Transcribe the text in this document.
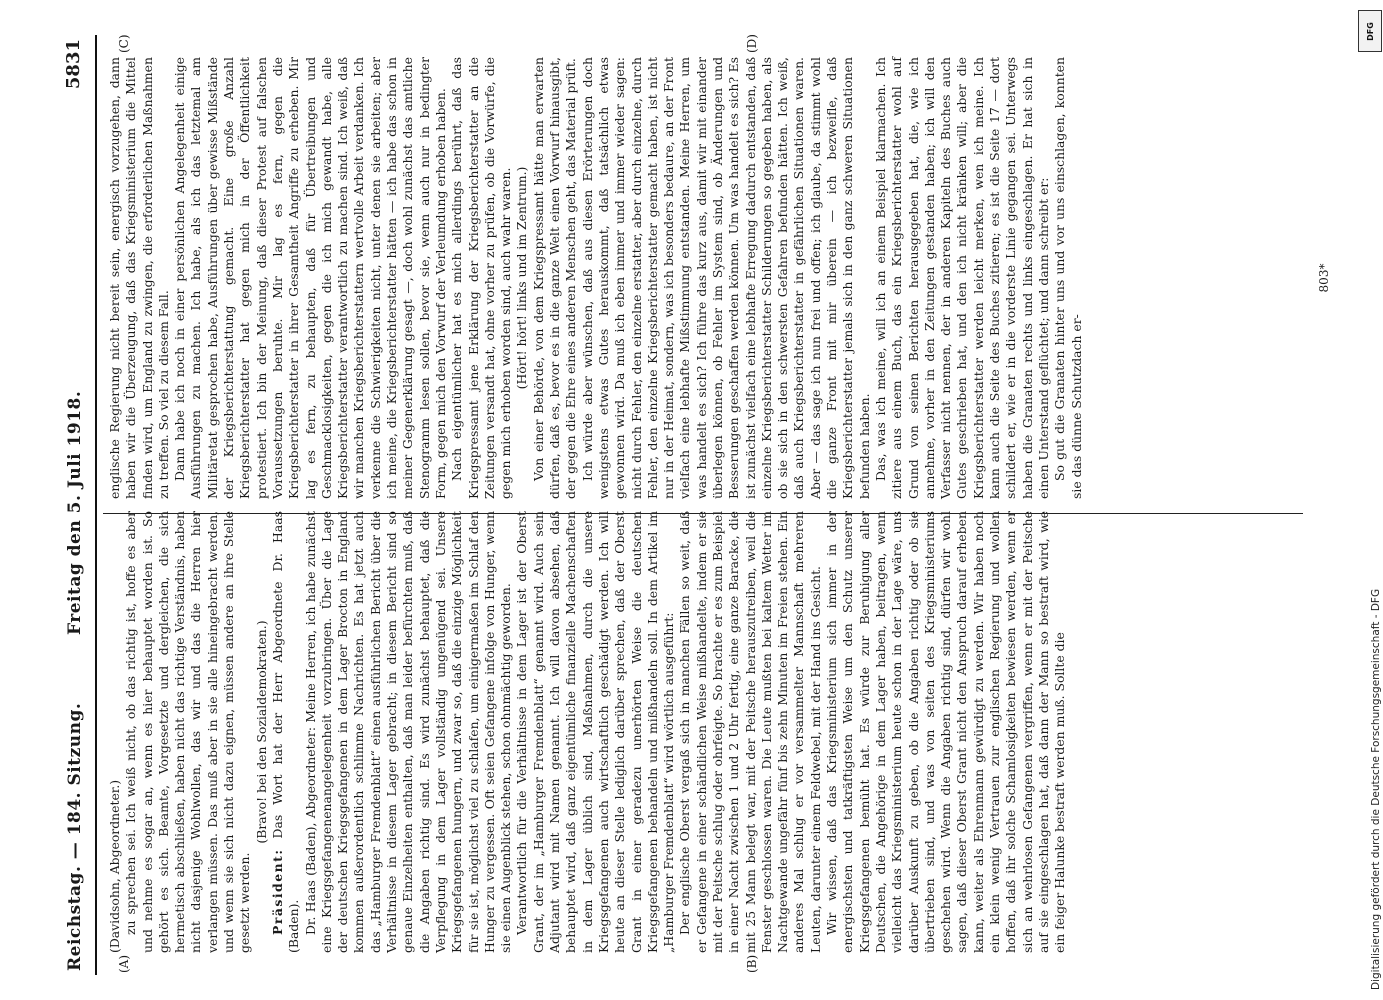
Reichstag. — 184. Sitzung.
Freitag den 5. Juli 1918.
5831
(A)	(B)
(C)	(D)

(Davidsohn, Abgeordneter.) zu sprechen sei. Ich weiß nicht, ob das richtig ist, hoffe es aber und nehme es sogar an, wenn es hier behauptet worden ist. So gehört es sich. Beamte, Vorgesetzte und dergleichen, die sich hermetisch abschließen, haben nicht das richtige Verständnis, haben nicht dasjenige Wohlwollen, das wir und das die Herren hier verlangen müssen. Das muß aber in sie alle hineingebracht werden, und wenn sie sich nicht dazu eignen, müssen andere an ihre Stelle gesetzt werden.

(Bravo! bei den Sozialdemokraten.)

Präsident: Das Wort hat der Herr Abgeordnete Dr. Haas (Baden). Dr. Haas (Baden), Abgeordneter: Meine Herren, ich habe zunächst eine Kriegsgefangenenangelegenheit vorzubringen. Über die Lage der deutschen Kriegsgefangenen in dem Lager Brocton in England kommen außerordentlich schlimme Nachrichten. Es hat jetzt auch das „Hamburger Fremdenblatt“ einen ausführlichen Bericht über die Verhältnisse in diesem Lager gebracht; in diesem Bericht sind so genaue Einzelheiten enthalten, daß man leider befürchten muß, daß die Angaben richtig sind. Es wird zunächst behauptet, daß die Verpflegung in dem Lager vollständig ungenügend sei. Unsere Kriegsgefangenen hungern, und zwar so, daß die einzige Möglichkeit für sie ist, möglichst viel zu schlafen, um einigermaßen im Schlaf den Hunger zu vergessen. Oft seien Gefangene infolge von Hunger, wenn sie einen Augenblick stehen, schon ohnmächtig geworden. Verantwortlich für die Verhältnisse in dem Lager ist der Oberst Grant, der im „Hamburger Fremdenblatt“ genannt wird. Auch sein Adjutant wird mit Namen genannt. Ich will davon absehen, daß behauptet wird, daß ganz eigentümliche finanzielle Machenschaften in dem Lager üblich sind, Maßnahmen, durch die unsere Kriegsgefangenen auch wirtschaftlich geschädigt werden. Ich will heute an dieser Stelle lediglich darüber sprechen, daß der Oberst Grant in einer geradezu unerhörten Weise die deutschen Kriegsgefangenen behandeln und mißhandeln soll. In dem Artikel im „Hamburger Fremdenblatt“ wird wörtlich ausgeführt: Der englische Oberst vergaß sich in manchen Fällen so weit, daß er Gefangene in einer schändlichen Weise mißhandelte, indem er sie mit der Peitsche schlug oder ohrfeigte. So brachte er es zum Beispiel in einer Nacht zwischen 1 und 2 Uhr fertig, eine ganze Baracke, die mit 25 Mann belegt war, mit der Peitsche herauszutreiben, weil die Fenster geschlossen waren. Die Leute mußten bei kaltem Wetter im Nachtgewande ungefähr fünf bis zehn Minuten im Freien stehen. Ein anderes Mal schlug er vor versammelter Mannschaft mehreren Leuten, darunter einem Feldwebel, mit der Hand ins Gesicht. Wir wissen, daß das Kriegsministerium sich immer in der energischsten und tatkräftigsten Weise um den Schutz unserer Kriegsgefangenen bemüht hat. Es würde zur Beruhigung aller Deutschen, die Angehörige in dem Lager haben, beitragen, wenn vielleicht das Kriegsministerium heute schon in der Lage wäre, uns darüber Auskunft zu geben, ob die Angaben richtig oder ob sie übertrieben sind, und was von seiten des Kriegsministeriums geschehen wird. Wenn die Angaben richtig sind, dürfen wir wohl sagen, daß dieser Oberst Grant nicht den Anspruch darauf erheben kann, weiter als Ehrenmann gewürdigt zu werden. Wir haben noch ein klein wenig Vertrauen zur englischen Regierung und wollen hoffen, daß ihr solche Schamlosigkeiten bewiesen werden, wenn er sich an wehrlosen Gefangenen vergriffen, wenn er mit der Peitsche auf sie eingeschlagen hat, daß dann der Mann so bestraft wird, wie ein feiger Halunke bestraft werden muß. Sollte die

englische Regierung nicht bereit sein, energisch vorzugehen, dann haben wir die Überzeugung, daß das Kriegsministerium die Mittel finden wird, um England zu zwingen, die erforderlichen Maßnahmen zu treffen. So viel zu diesem Fall. Dann habe ich noch in einer persönlichen Angelegenheit einige Ausführungen zu machen. Ich habe, als ich das letztemal am Militäretat gesprochen habe, Ausführungen über gewisse Mißstände der Kriegsberichterstattung gemacht. Eine große Anzahl Kriegsberichterstatter hat gegen mich in der Öffentlichkeit protestiert. Ich bin der Meinung, daß dieser Protest auf falschen Voraussetzungen beruhte. Mir lag es fern, gegen die Kriegsberichterstatter in ihrer Gesamtheit Angriffe zu erheben. Mir lag es fern, zu behaupten, daß für Übertreibungen und Geschmacklosigkeiten, gegen die ich mich gewandt habe, alle Kriegsberichterstatter verantwortlich zu machen sind. Ich weiß, daß wir manchen Kriegsberichterstattern wertvolle Arbeit verdanken. Ich verkenne die Schwierigkeiten nicht, unter denen sie arbeiten; aber ich meine, die Kriegsberichterstatter hätten — ich habe das schon in meiner Gegenerklärung gesagt —, doch wohl zunächst das amtliche Stenogramm lesen sollen, bevor sie, wenn auch nur in bedingter Form, gegen mich den Vorwurf der Verleumdung erhoben haben. Nach eigentümlicher hat es mich allerdings berührt, daß das Kriegspressamt jene Erklärung der Kriegsberichterstatter an die Zeitungen versandt hat, ohne vorher zu prüfen, ob die Vorwürfe, die gegen mich erhoben worden sind, auch wahr waren. (Hört! hört! links und im Zentrum.) Von einer Behörde, von dem Kriegspressamt hätte man erwarten dürfen, daß es, bevor es in die ganze Welt einen Vorwurf hinausgibt, der gegen die Ehre eines anderen Menschen geht, das Material prüft. Ich würde aber wünschen, daß aus diesen Erörterungen doch wenigstens etwas Gutes herauskommt, daß tatsächlich etwas gewonnen wird. Da muß ich eben immer und immer wieder sagen: nicht durch Fehler, den einzelne erstatter, aber durch einzelne, durch Fehler, den einzelne Kriegsberichterstatter gemacht haben, ist nicht nur in der Heimat, sondern, was ich besonders bedaure, an der Front vielfach eine lebhafte Mißstimmung entstanden. Meine Herren, um was handelt es sich? Ich führe das kurz aus, damit wir mit einander überlegen können, ob Fehler im System sind, ob Änderungen und Besserungen geschaffen werden können. Um was handelt es sich? Es ist zunächst vielfach eine lebhafte Erregung dadurch entstanden, daß einzelne Kriegsberichterstatter Schilderungen so gegeben haben, als ob sie sich in den schwersten Gefahren befunden hätten. Ich weiß, daß auch Kriegsberichterstatter in gefährlichen Situationen waren. Aber — das sage ich nun frei und offen; ich glaube, da stimmt wohl die ganze Front mit mir überein — ich bezweifle, daß Kriegsberichterstatter jemals sich in den ganz schweren Situationen befunden haben. Das, was ich meine, will ich an einem Beispiel klarmachen. Ich zitiere aus einem Buch, das ein Kriegsberichterstatter wohl auf Grund von seinen Berichten herausgegeben hat, die, wie ich annehme, vorher in den Zeitungen gestanden haben; ich will den Verfasser nicht nennen, der in anderen Kapiteln des Buches auch Gutes geschrieben hat, und den ich nicht kränken will; aber die Kriegsberichterstatter werden leicht merken, wen ich meine. Ich kann auch die Seite des Buches zitieren; es ist die Seite 17 — dort schildert er, wie er in die vorderste Linie gegangen sei. Unterwegs haben die Granaten rechts und links eingeschlagen. Er hat sich in einen Unterstand geflüchtet; und dann schreibt er: So gut die Granaten hinter uns und vor uns einschlagen, konnten sie das dünne Schutzdach er-

803*
DFG
Digitalisierung gefördert durch die Deutsche Forschungsgemeinschaft - DFG
